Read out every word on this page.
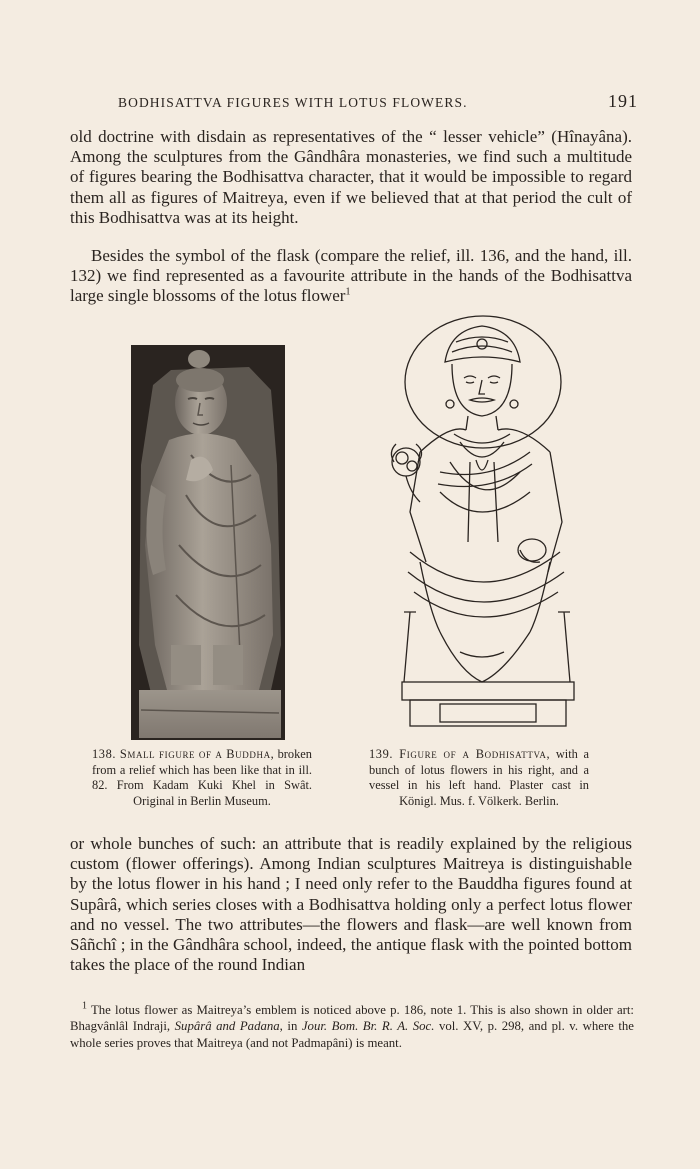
BODHISATTVA FIGURES WITH LOTUS FLOWERS.	191

old doctrine with disdain as representatives of the “ lesser vehicle” (Hînayâna). Among the sculptures from the Gândhâra monasteries, we find such a multitude of figures bearing the Bodhisattva character, that it would be impossible to regard them all as figures of Maitreya, even if we believed that at that period the cult of this Bodhisattva was at its height.

Besides the symbol of the flask (compare the relief, ill. 136, and the hand, ill. 132) we find represented as a favourite attribute in the hands of the Bodhisattva large single blossoms of the lotus flower$^1$

138. Small figure of a Buddha, broken from a relief which has been like that in ill. 82. From Kadam Kuki Khel in Swât. Original in Berlin Museum.

139. Figure of a Bodhisattva, with a bunch of lotus flowers in his right, and a vessel in his left hand. Plaster cast in Königl. Mus. f. Völkerk. Berlin.

or whole bunches of such: an attribute that is readily explained by the religious custom (flower offerings). Among Indian sculptures Maitreya is distinguishable by the lotus flower in his hand ; I need only refer to the Bauddha figures found at Supârâ, which series closes with a Bodhisattva holding only a perfect lotus flower and no vessel. The two attributes—the flowers and flask—are well known from Sâñchî ; in the Gândhâra school, indeed, the antique flask with the pointed bottom takes the place of the round Indian

$^1$ The lotus flower as Maitreya’s emblem is noticed above p. 186, note 1. This is also shown in older art: Bhagvânlâl Indraji, Supârâ and Padana, in Jour. Bom. Br. R. A. Soc. vol. XV, p. 298, and pl. v. where the whole series proves that Maitreya (and not Padmapâni) is meant.
